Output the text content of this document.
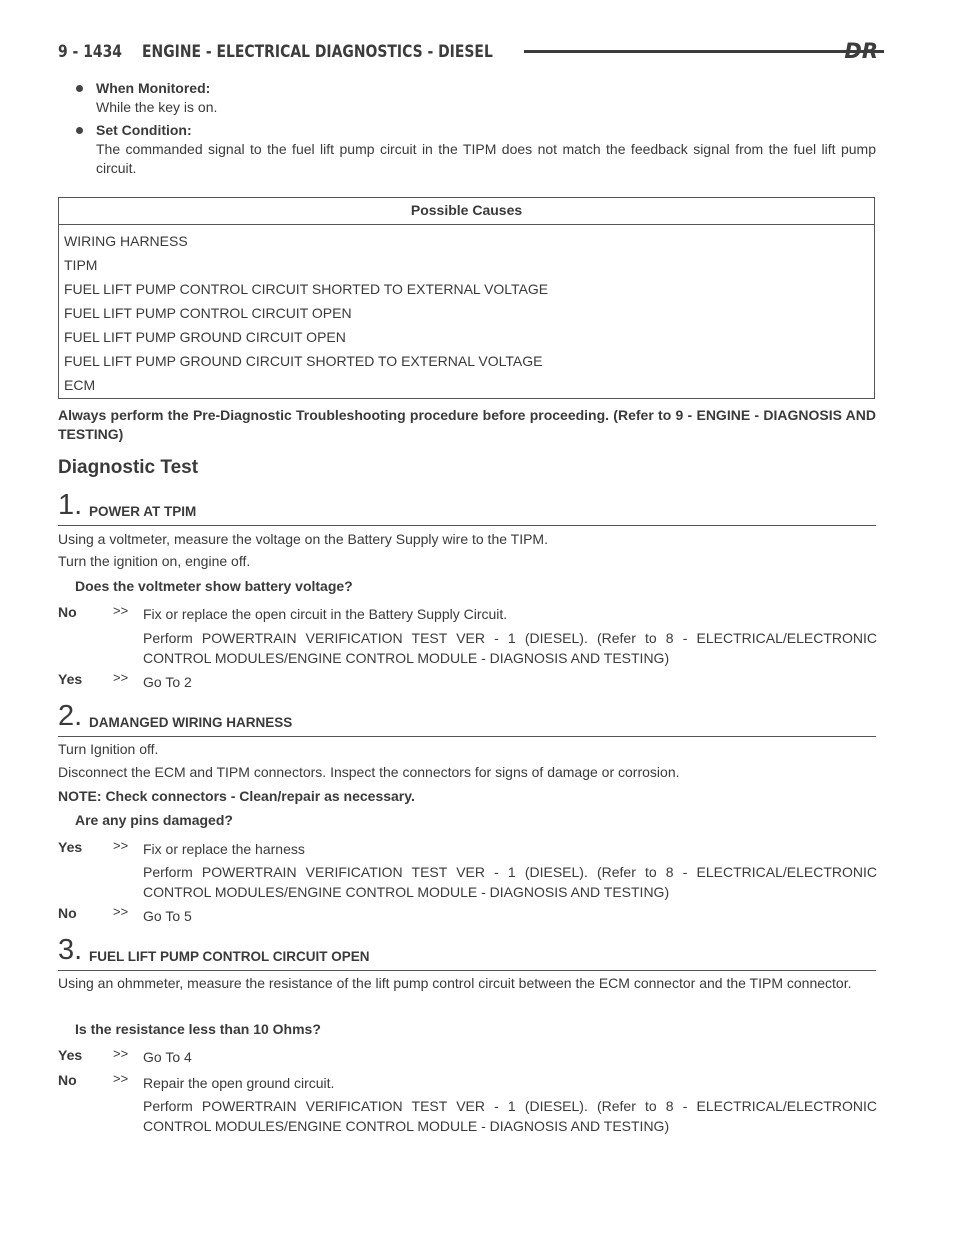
9 - 1434 ENGINE - ELECTRICAL DIAGNOSTICS - DIESEL	DR
When Monitored:
While the key is on.
Set Condition:
The commanded signal to the fuel lift pump circuit in the TIPM does not match the feedback signal from the fuel lift pump circuit.
Possible Causes
WIRING HARNESS
TIPM
FUEL LIFT PUMP CONTROL CIRCUIT SHORTED TO EXTERNAL VOLTAGE
FUEL LIFT PUMP CONTROL CIRCUIT OPEN
FUEL LIFT PUMP GROUND CIRCUIT OPEN
FUEL LIFT PUMP GROUND CIRCUIT SHORTED TO EXTERNAL VOLTAGE
ECM
Always perform the Pre-Diagnostic Troubleshooting procedure before proceeding. (Refer to 9 - ENGINE - DIAGNOSIS AND TESTING)
Diagnostic Test
1. POWER AT TPIM
Using a voltmeter, measure the voltage on the Battery Supply wire to the TIPM.
Turn the ignition on, engine off.
Does the voltmeter show battery voltage?
No	>> Fix or replace the open circuit in the Battery Supply Circuit.
Perform POWERTRAIN VERIFICATION TEST VER - 1 (DIESEL). (Refer to 8 - ELECTRICAL/ELECTRONIC CONTROL MODULES/ENGINE CONTROL MODULE - DIAGNOSIS AND TESTING)
Yes >> Go To 2
2. DAMANGED WIRING HARNESS
Turn Ignition off.
Disconnect the ECM and TIPM connectors. Inspect the connectors for signs of damage or corrosion.
NOTE: Check connectors - Clean/repair as necessary.
Are any pins damaged?
Yes >> Fix or replace the harness
Perform POWERTRAIN VERIFICATION TEST VER - 1 (DIESEL). (Refer to 8 - ELECTRICAL/ELECTRONIC CONTROL MODULES/ENGINE CONTROL MODULE - DIAGNOSIS AND TESTING)
No	>> Go To 5
3. FUEL LIFT PUMP CONTROL CIRCUIT OPEN
Using an ohmmeter, measure the resistance of the lift pump control circuit between the ECM connector and the TIPM connector.
Is the resistance less than 10 Ohms?
Yes >> Go To 4
No	>> Repair the open ground circuit.
Perform POWERTRAIN VERIFICATION TEST VER - 1 (DIESEL). (Refer to 8 - ELECTRICAL/ELECTRONIC CONTROL MODULES/ENGINE CONTROL MODULE - DIAGNOSIS AND TESTING)
